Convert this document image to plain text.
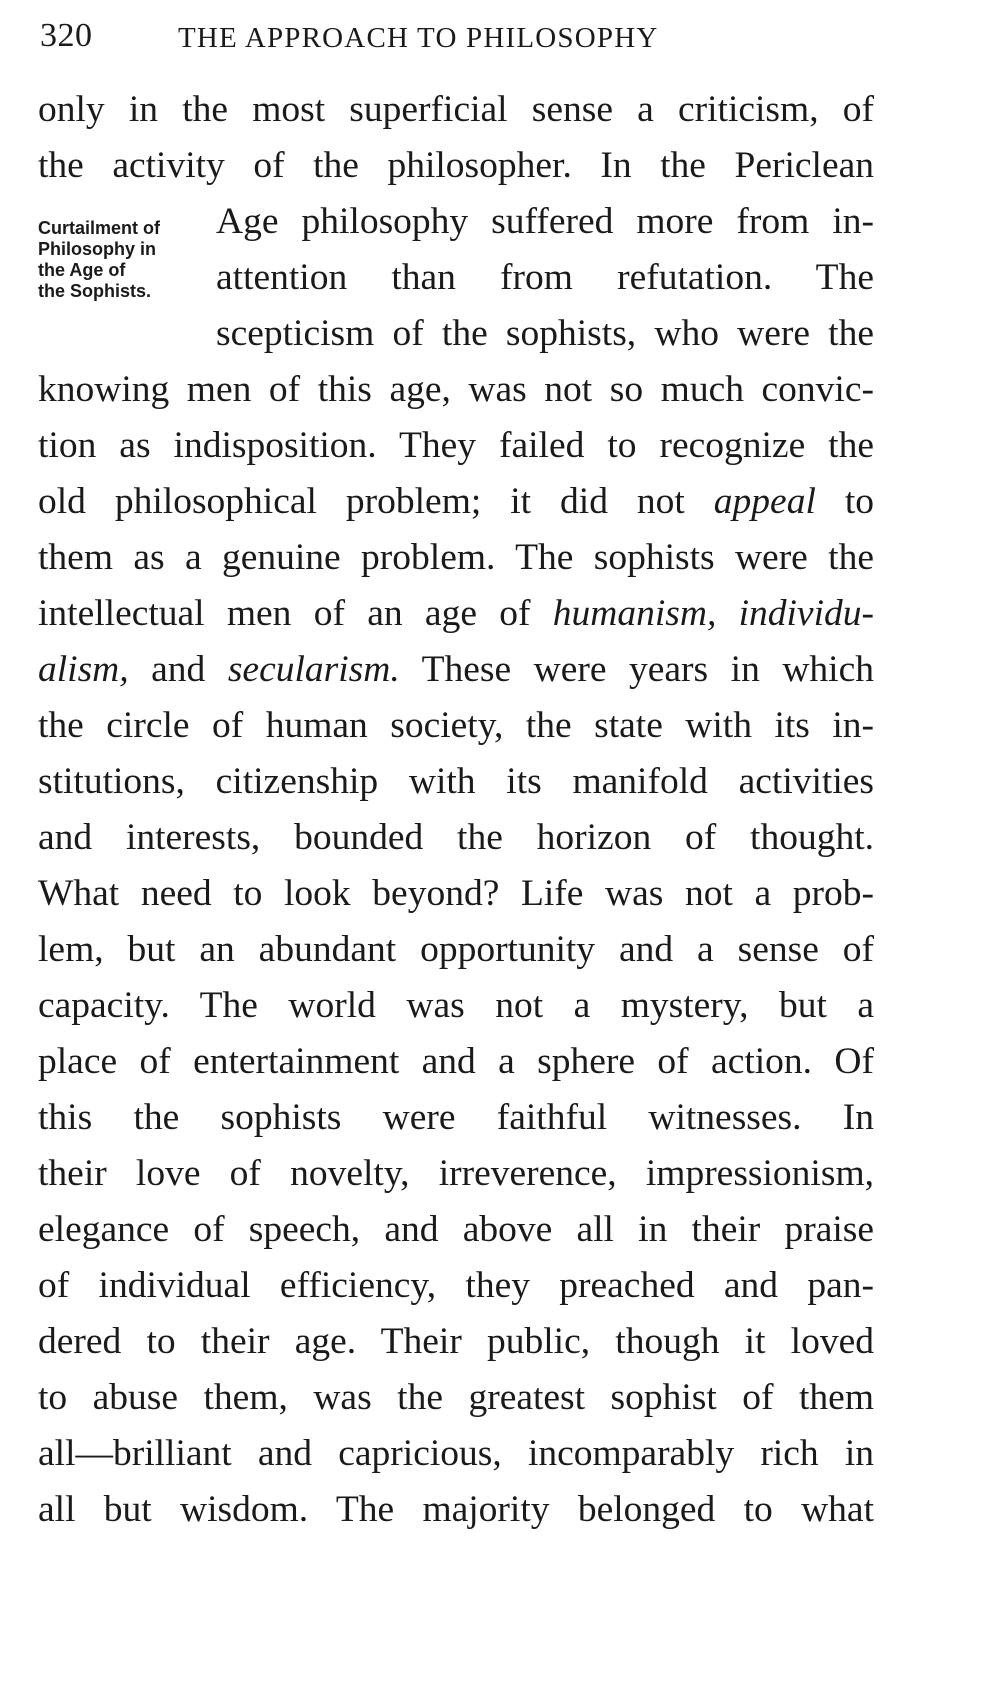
320	THE APPROACH TO PHILOSOPHY
Curtailment of
Philosophy in
the Age of
the Sophists.
only in the most superficial sense a criticism, of
the activity of the philosopher. In the Periclean
Age philosophy suffered more from in-
attention than from refutation. The
scepticism of the sophists, who were the
knowing men of this age, was not so much convic-
tion as indisposition. They failed to recognize the
old philosophical problem; it did not appeal to
them as a genuine problem. The sophists were the
intellectual men of an age of humanism, individu-
alism, and secularism. These were years in which
the circle of human society, the state with its in-
stitutions, citizenship with its manifold activities
and interests, bounded the horizon of thought.
What need to look beyond? Life was not a prob-
lem, but an abundant opportunity and a sense of
capacity. The world was not a mystery, but a
place of entertainment and a sphere of action. Of
this the sophists were faithful witnesses. In
their love of novelty, irreverence, impressionism,
elegance of speech, and above all in their praise
of individual efficiency, they preached and pan-
dered to their age. Their public, though it loved
to abuse them, was the greatest sophist of them
all—brilliant and capricious, incomparably rich in
all but wisdom. The majority belonged to what
